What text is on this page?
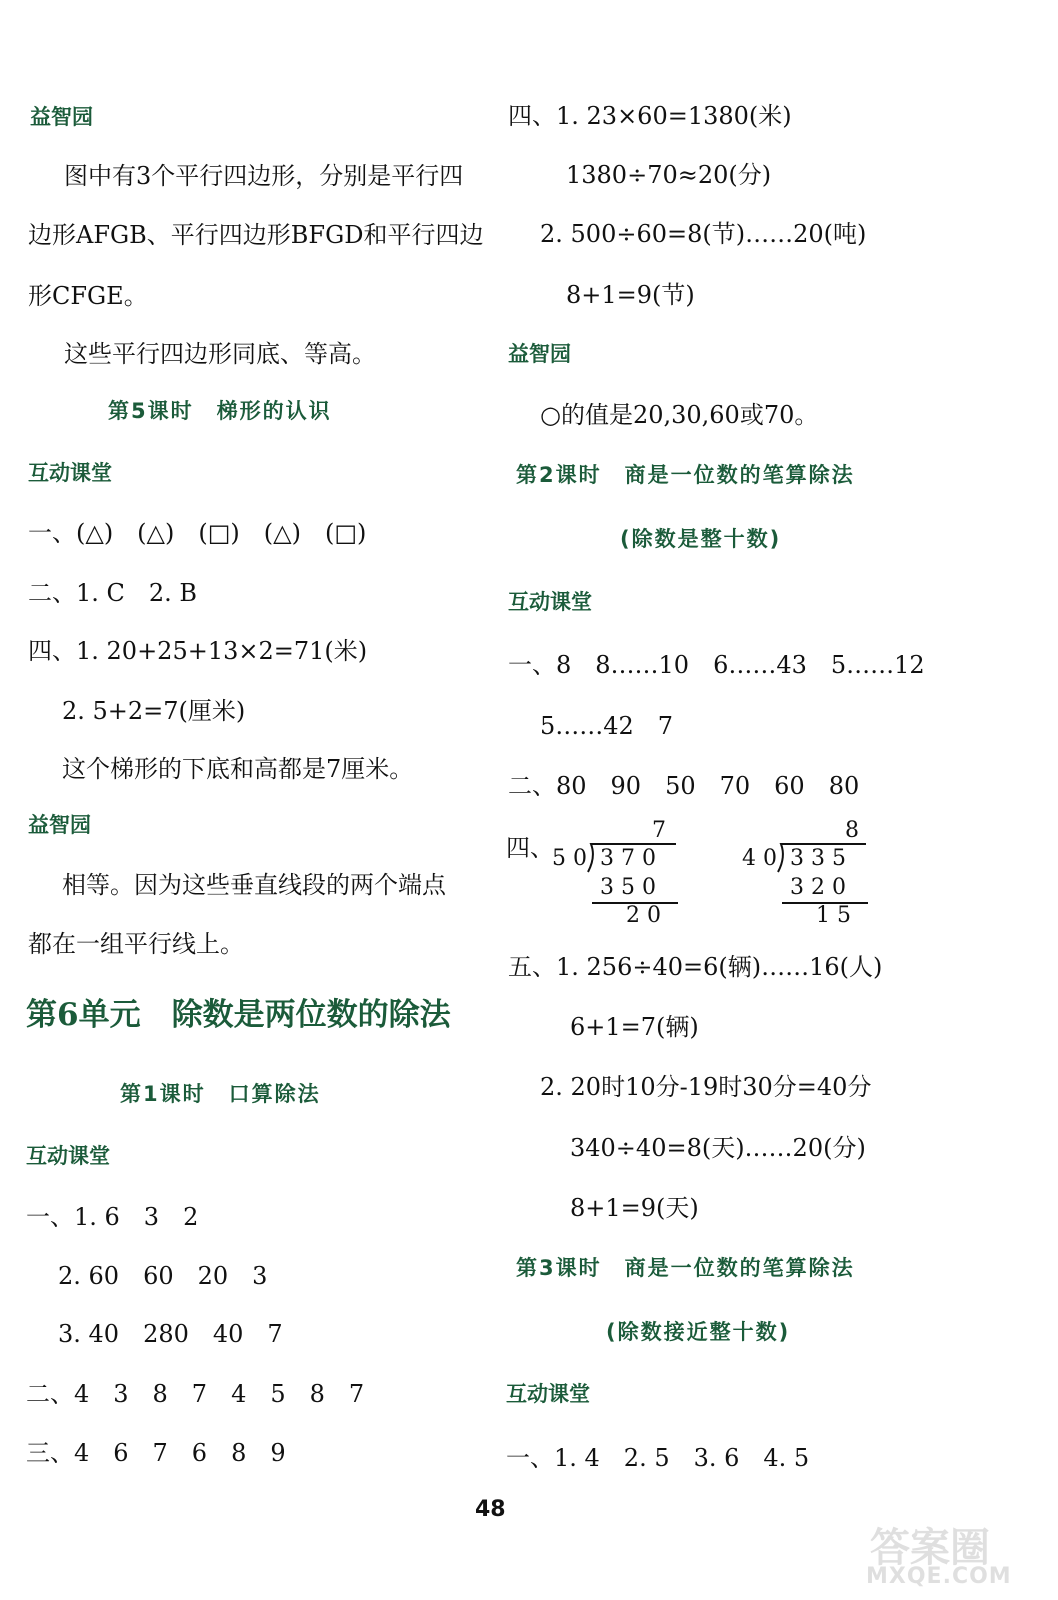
益智园
图中有3个平行四边形，分别是平行四
边形AFGB、平行四边形BFGD和平行四边
形CFGE。
这些平行四边形同底、等高。
第5课时　梯形的认识
互动课堂
一、(△)　(△)　(□)　(△)　(□)
二、1. C　2. B
四、1. 20+25+13×2=71(米)
2. 5+2=7(厘米)
这个梯形的下底和高都是7厘米。
益智园
相等。因为这些垂直线段的两个端点
都在一组平行线上。
第6单元　除数是两位数的除法
第1课时　口算除法
互动课堂
一、1. 6　3　2
2. 60　60　20　3
3. 40　280　40　7
二、4　3　8　7　4　5　8　7
三、4　6　7　6　8　9
四、1. 23×60=1380(米)
1380÷70≈20(分)
2. 500÷60=8(节)……20(吨)
8+1=9(节)
益智园
○的值是20,30,60或70。
第2课时　商是一位数的笔算除法
(除数是整十数)
互动课堂
一、8　8……10　6……43　5……12
5……42　7
二、80　90　50　70　60　80
四、
7
5 0 3 7 0
3 5 0
2 0
8
4 0 3 3 5
3 2 0
1 5
五、1. 256÷40=6(辆)……16(人)
6+1=7(辆)
2. 20时10分-19时30分=40分
340÷40=8(天)……20(分)
8+1=9(天)
第3课时　商是一位数的笔算除法
(除数接近整十数)
互动课堂
一、1. 4　2. 5　3. 6　4. 5
48
答案圈
MXQE.COM
